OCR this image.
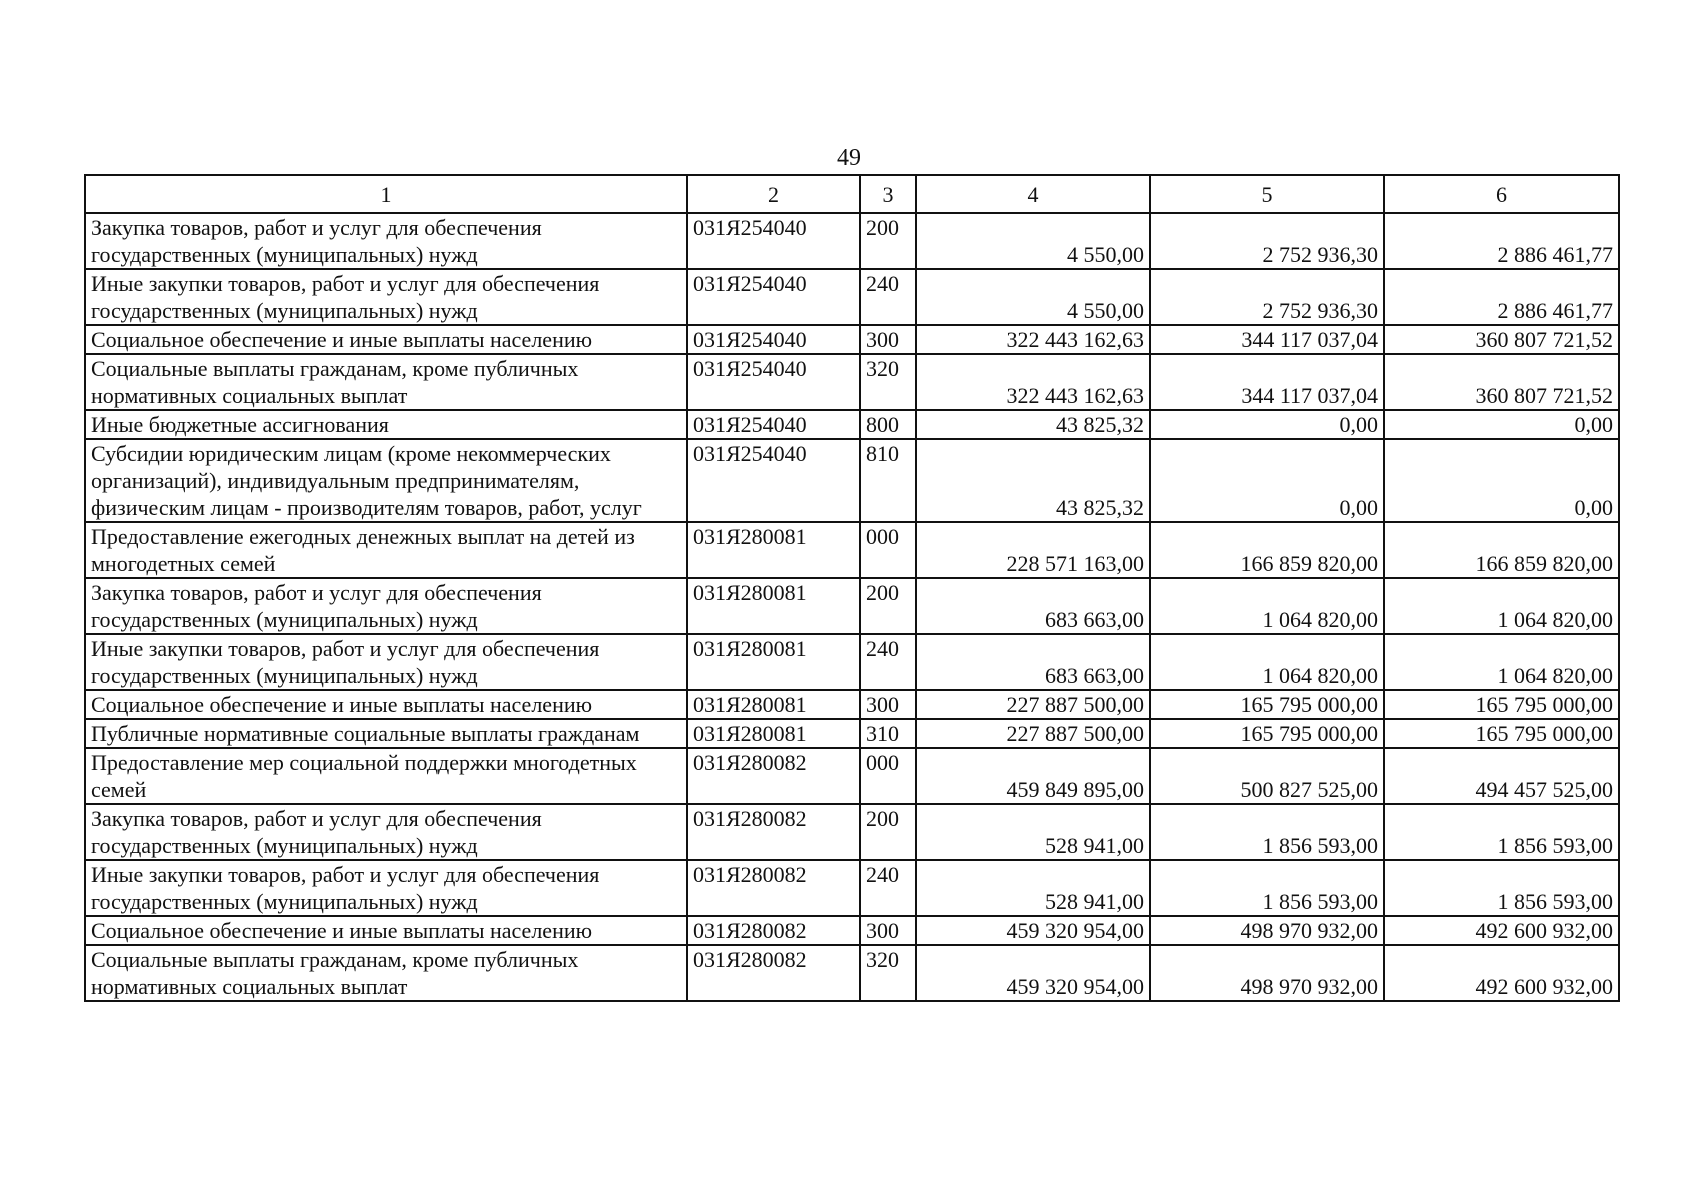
49
1	2	3	4	5	6
Закупка товаров, работ и услуг для обеспечения государственных (муниципальных) нужд	031Я254040	200	4 550,00	2 752 936,30	2 886 461,77
Иные закупки товаров, работ и услуг для обеспечения государственных (муниципальных) нужд	031Я254040	240	4 550,00	2 752 936,30	2 886 461,77
Социальное обеспечение и иные выплаты населению	031Я254040	300	322 443 162,63	344 117 037,04	360 807 721,52
Социальные выплаты гражданам, кроме публичных нормативных социальных выплат	031Я254040	320	322 443 162,63	344 117 037,04	360 807 721,52
Иные бюджетные ассигнования	031Я254040	800	43 825,32	0,00	0,00
Субсидии юридическим лицам (кроме некоммерческих организаций), индивидуальным предпринимателям, физическим лицам - производителям товаров, работ, услуг	031Я254040	810	43 825,32	0,00	0,00
Предоставление ежегодных денежных выплат на детей из многодетных семей	031Я280081	000	228 571 163,00	166 859 820,00	166 859 820,00
Закупка товаров, работ и услуг для обеспечения государственных (муниципальных) нужд	031Я280081	200	683 663,00	1 064 820,00	1 064 820,00
Иные закупки товаров, работ и услуг для обеспечения государственных (муниципальных) нужд	031Я280081	240	683 663,00	1 064 820,00	1 064 820,00
Социальное обеспечение и иные выплаты населению	031Я280081	300	227 887 500,00	165 795 000,00	165 795 000,00
Публичные нормативные социальные выплаты гражданам	031Я280081	310	227 887 500,00	165 795 000,00	165 795 000,00
Предоставление мер социальной поддержки многодетных семей	031Я280082	000	459 849 895,00	500 827 525,00	494 457 525,00
Закупка товаров, работ и услуг для обеспечения государственных (муниципальных) нужд	031Я280082	200	528 941,00	1 856 593,00	1 856 593,00
Иные закупки товаров, работ и услуг для обеспечения государственных (муниципальных) нужд	031Я280082	240	528 941,00	1 856 593,00	1 856 593,00
Социальное обеспечение и иные выплаты населению	031Я280082	300	459 320 954,00	498 970 932,00	492 600 932,00
Социальные выплаты гражданам, кроме публичных нормативных социальных выплат	031Я280082	320	459 320 954,00	498 970 932,00	492 600 932,00
